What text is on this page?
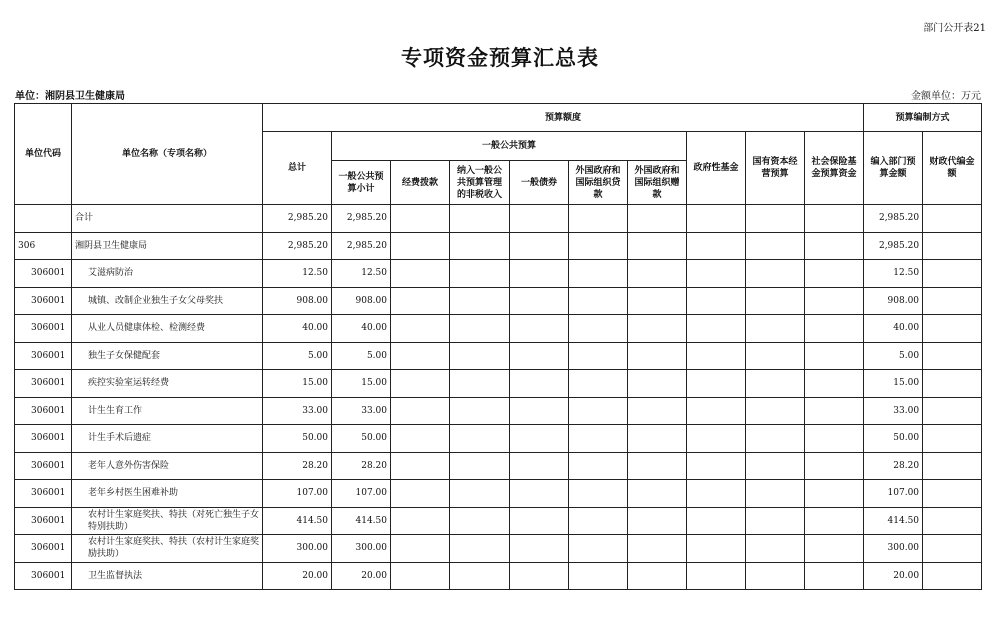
部门公开表21
专项资金预算汇总表
单位：湘阴县卫生健康局	金额单位：万元
单位代码	单位名称（专项名称）	预算额度										预算编制方式	
		总计	一般公共预算						政府性基金	国有资本经营预算	社会保险基金预算资金	编入部门预算金额	财政代编金额
			一般公共预算小计	经费拨款	纳入一般公共预算管理的非税收入	一般债券	外国政府和国际组织贷款	外国政府和国际组织赠款					
	合计	2,985.20	2,985.20									2,985.20	
306	湘阴县卫生健康局	2,985.20	2,985.20									2,985.20	
306001	艾滋病防治	12.50	12.50									12.50	
306001	城镇、改制企业独生子女父母奖扶	908.00	908.00									908.00	
306001	从业人员健康体检、检测经费	40.00	40.00									40.00	
306001	独生子女保健配套	5.00	5.00									5.00	
306001	疾控实验室运转经费	15.00	15.00									15.00	
306001	计生生育工作	33.00	33.00									33.00	
306001	计生手术后遗症	50.00	50.00									50.00	
306001	老年人意外伤害保险	28.20	28.20									28.20	
306001	老年乡村医生困难补助	107.00	107.00									107.00	
306001	农村计生家庭奖扶、特扶（对死亡独生子女特别扶助）	414.50	414.50									414.50	
306001	农村计生家庭奖扶、特扶（农村计生家庭奖励扶助）	300.00	300.00									300.00	
306001	卫生监督执法	20.00	20.00									20.00	
